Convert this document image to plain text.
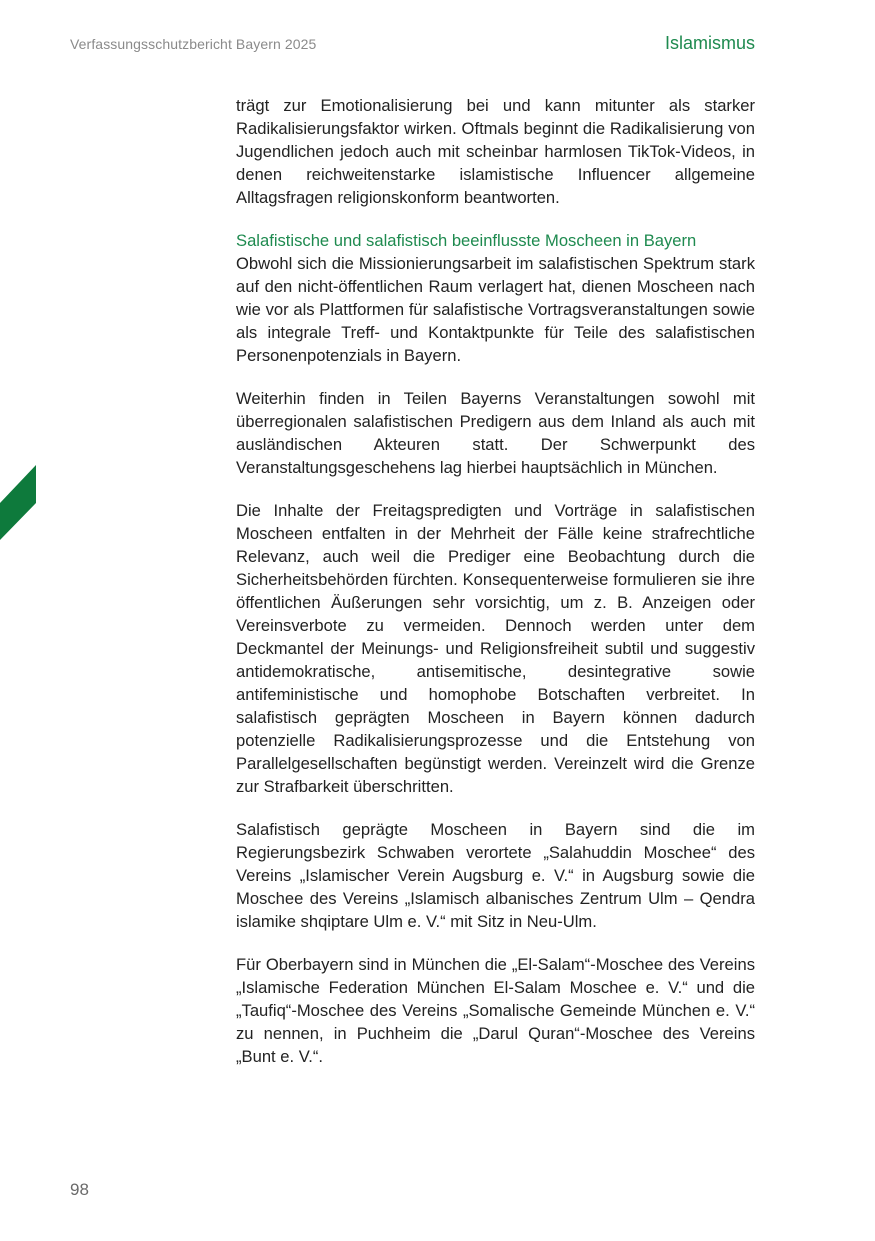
Verfassungsschutzbericht Bayern 2025	Islamismus

trägt zur Emotionalisierung bei und kann mitunter als starker Radikalisierungsfaktor wirken. Oftmals beginnt die Radikalisierung von Jugendlichen jedoch auch mit scheinbar harmlosen TikTok-Videos, in denen reichweitenstarke islamistische Influencer allgemeine Alltagsfragen religionskonform beantworten.

Salafistische und salafistisch beeinflusste Moscheen in Bayern

Obwohl sich die Missionierungsarbeit im salafistischen Spektrum stark auf den nicht-öffentlichen Raum verlagert hat, dienen Moscheen nach wie vor als Plattformen für salafistische Vortragsveranstaltungen sowie als integrale Treff- und Kontaktpunkte für Teile des salafistischen Personenpotenzials in Bayern.

Weiterhin finden in Teilen Bayerns Veranstaltungen sowohl mit überregionalen salafistischen Predigern aus dem Inland als auch mit ausländischen Akteuren statt. Der Schwerpunkt des Veranstaltungsgeschehens lag hierbei hauptsächlich in München.

Die Inhalte der Freitagspredigten und Vorträge in salafistischen Moscheen entfalten in der Mehrheit der Fälle keine strafrechtliche Relevanz, auch weil die Prediger eine Beobachtung durch die Sicherheitsbehörden fürchten. Konsequenterweise formulieren sie ihre öffentlichen Äußerungen sehr vorsichtig, um z. B. Anzeigen oder Vereinsverbote zu vermeiden. Dennoch werden unter dem Deckmantel der Meinungs- und Religionsfreiheit subtil und suggestiv antidemokratische, antisemitische, desintegrative sowie antifeministische und homophobe Botschaften verbreitet. In salafistisch geprägten Moscheen in Bayern können dadurch potenzielle Radikalisierungsprozesse und die Entstehung von Parallelgesellschaften begünstigt werden. Vereinzelt wird die Grenze zur Strafbarkeit überschritten.

Salafistisch geprägte Moscheen in Bayern sind die im Regierungsbezirk Schwaben verortete „Salahuddin Moschee“ des Vereins „Islamischer Verein Augsburg e. V.“ in Augsburg sowie die Moschee des Vereins „Islamisch albanisches Zentrum Ulm – Qendra islamike shqiptare Ulm e. V.“ mit Sitz in Neu-Ulm.

Für Oberbayern sind in München die „El-Salam“-Moschee des Vereins „Islamische Federation München El-Salam Moschee e. V.“ und die „Taufiq“-Moschee des Vereins „Somalische Gemeinde München e. V.“ zu nennen, in Puchheim die „Darul Quran“-Moschee des Vereins „Bunt e. V.“.

98
